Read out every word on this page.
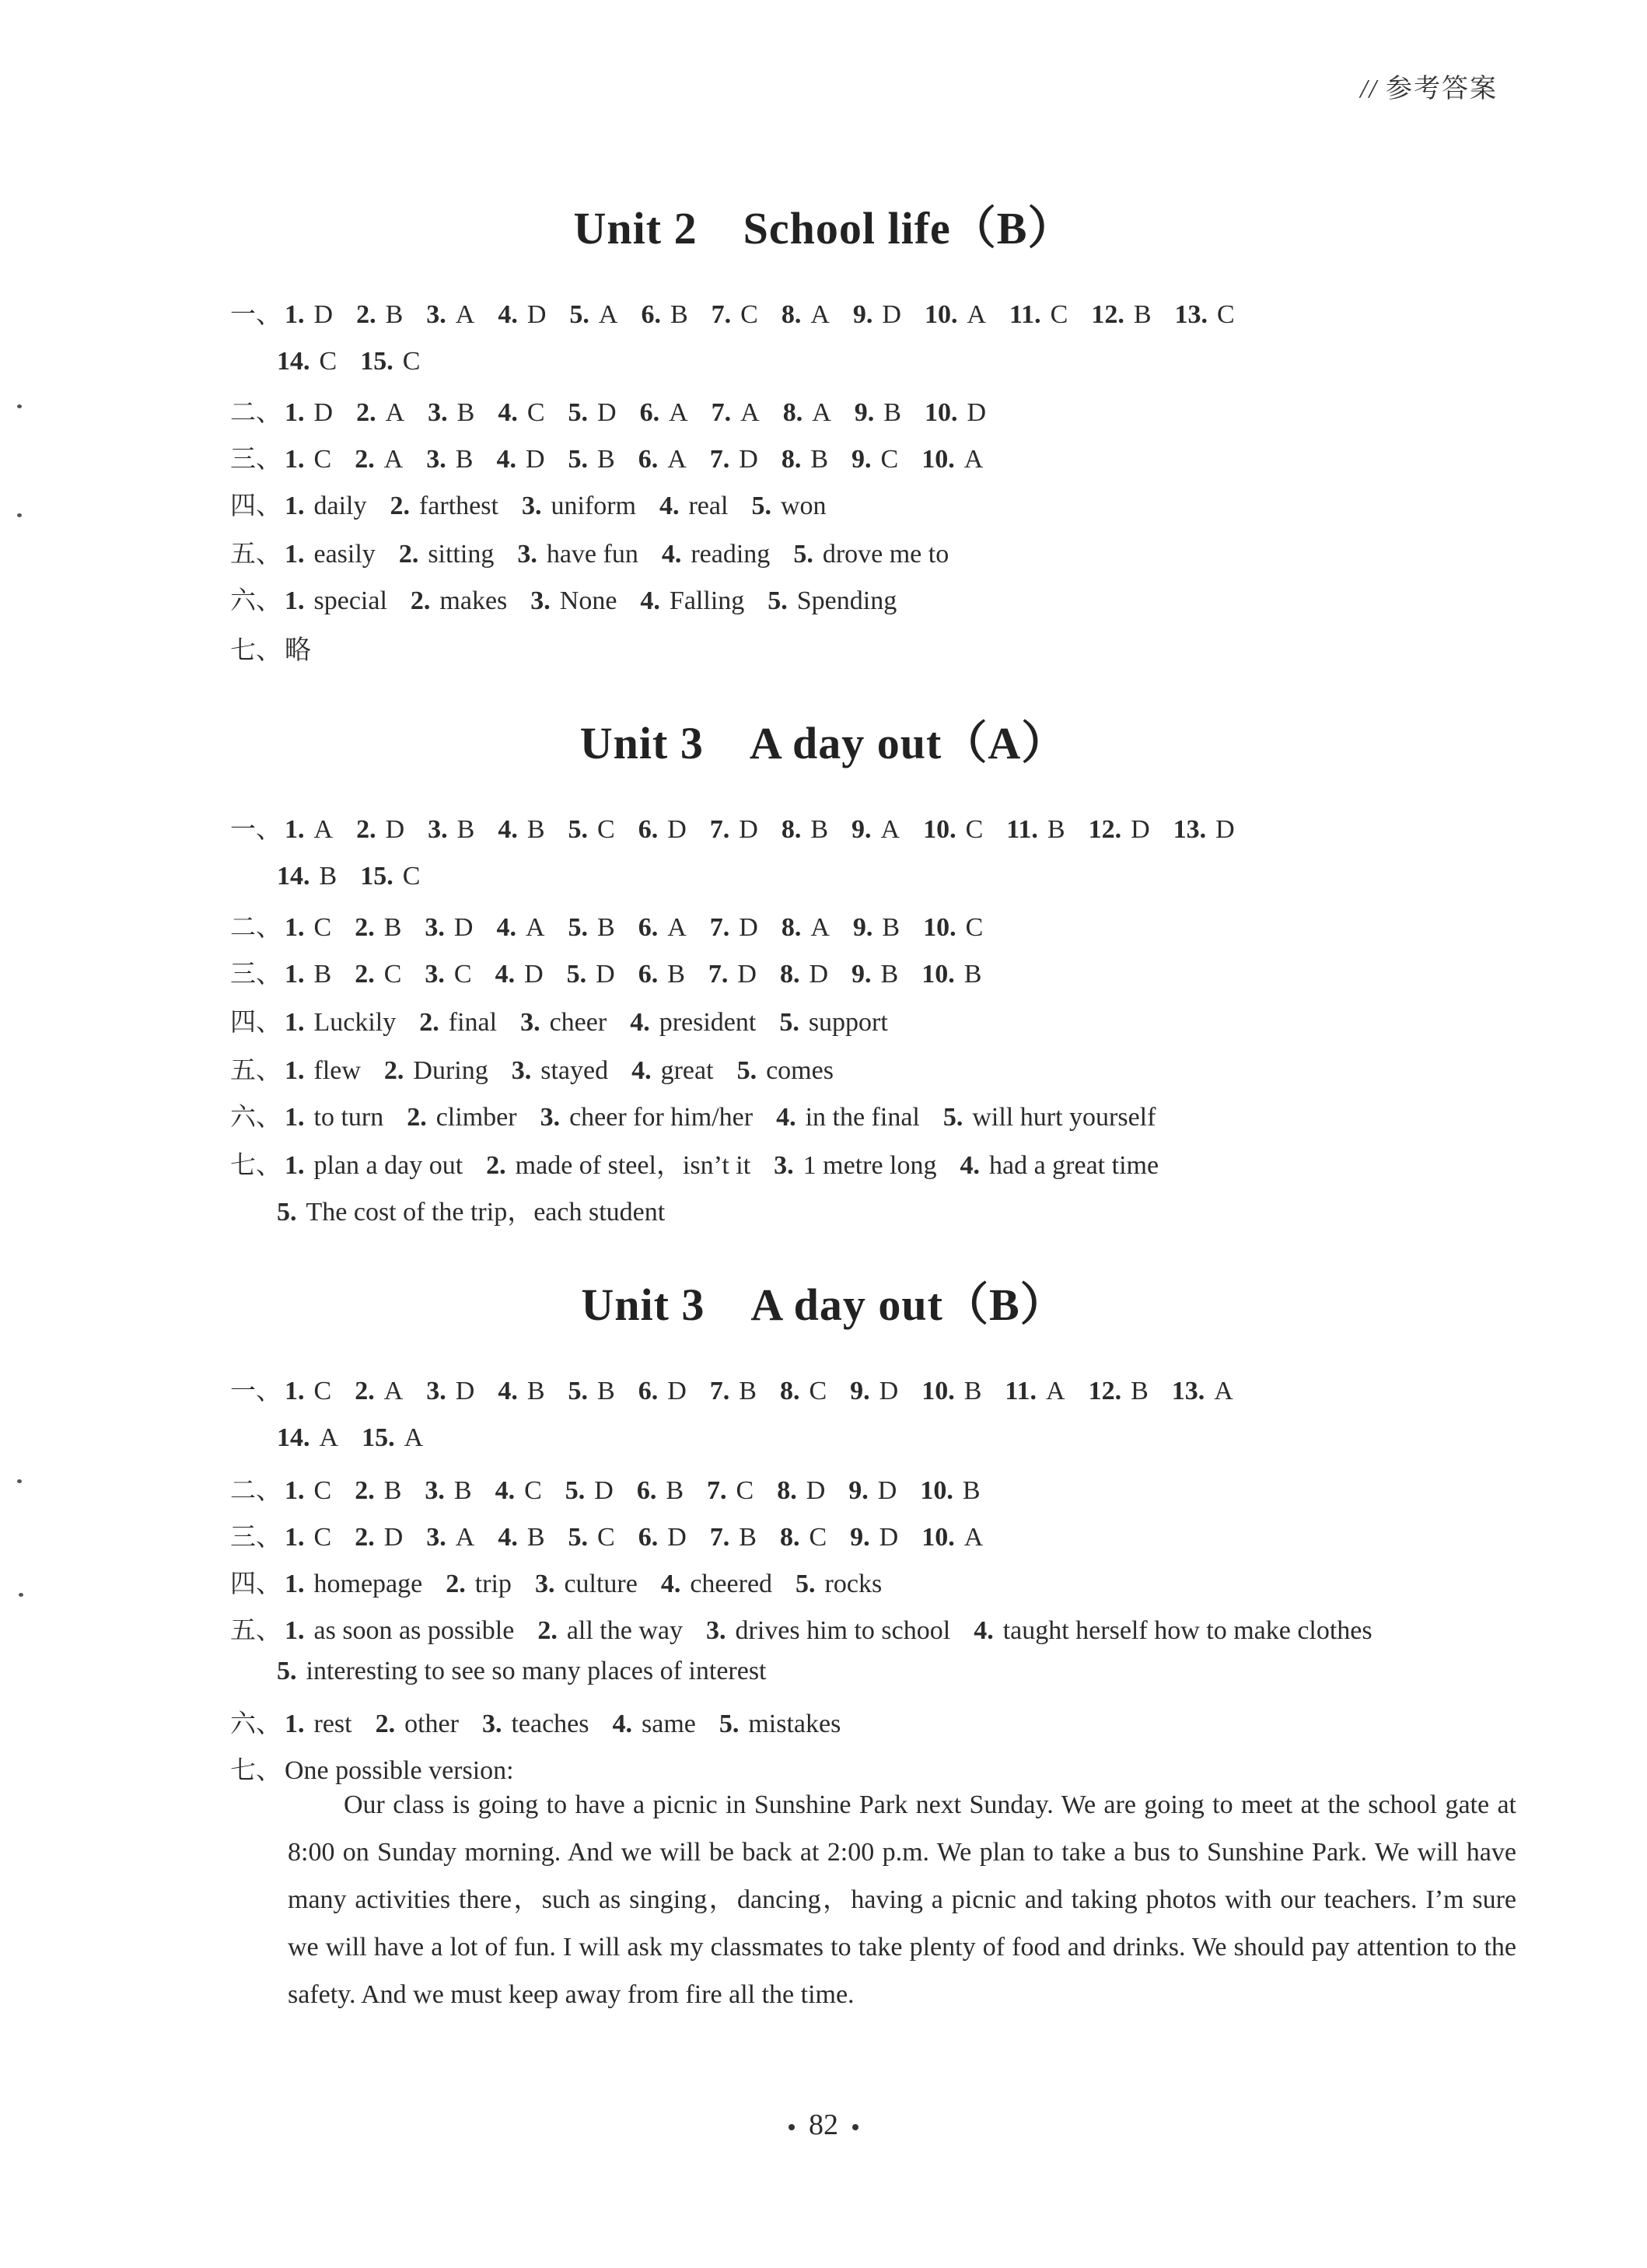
// 参考答案
Unit 2　School life（B）
一、 1. D 2. B 3. A 4. D 5. A 6. B 7. C 8. A 9. D 10. A 11. C 12. B 13. C
14. C 15. C
二、 1. D 2. A 3. B 4. C 5. D 6. A 7. A 8. A 9. B 10. D
三、 1. C 2. A 3. B 4. D 5. B 6. A 7. D 8. B 9. C 10. A
四、 1. daily 2. farthest 3. uniform 4. real 5. won
五、 1. easily 2. sitting 3. have fun 4. reading 5. drove me to
六、 1. special 2. makes 3. None 4. Falling 5. Spending
七、 略
Unit 3　A day out（A）
一、 1. A 2. D 3. B 4. B 5. C 6. D 7. D 8. B 9. A 10. C 11. B 12. D 13. D
14. B 15. C
二、 1. C 2. B 3. D 4. A 5. B 6. A 7. D 8. A 9. B 10. C
三、 1. B 2. C 3. C 4. D 5. D 6. B 7. D 8. D 9. B 10. B
四、 1. Luckily 2. final 3. cheer 4. president 5. support
五、 1. flew 2. During 3. stayed 4. great 5. comes
六、 1. to turn 2. climber 3. cheer for him/her 4. in the final 5. will hurt yourself
七、 1. plan a day out 2. made of steel，isn’t it 3. 1 metre long 4. had a great time
5. The cost of the trip，each student
Unit 3　A day out（B）
一、 1. C 2. A 3. D 4. B 5. B 6. D 7. B 8. C 9. D 10. B 11. A 12. B 13. A
14. A 15. A
二、 1. C 2. B 3. B 4. C 5. D 6. B 7. C 8. D 9. D 10. B
三、 1. C 2. D 3. A 4. B 5. C 6. D 7. B 8. C 9. D 10. A
四、 1. homepage 2. trip 3. culture 4. cheered 5. rocks
五、 1. as soon as possible 2. all the way 3. drives him to school 4. taught herself how to make clothes
5. interesting to see so many places of interest
六、 1. rest 2. other 3. teaches 4. same 5. mistakes
七、 One possible version:
Our class is going to have a picnic in Sunshine Park next Sunday. We are going to meet at the school gate at 8:00 on Sunday morning. And we will be back at 2:00 p.m. We plan to take a bus to Sunshine Park. We will have many activities there，such as singing，dancing，having a picnic and taking photos with our teachers. I’m sure we will have a lot of fun. I will ask my classmates to take plenty of food and drinks. We should pay attention to the safety. And we must keep away from fire all the time.
82
